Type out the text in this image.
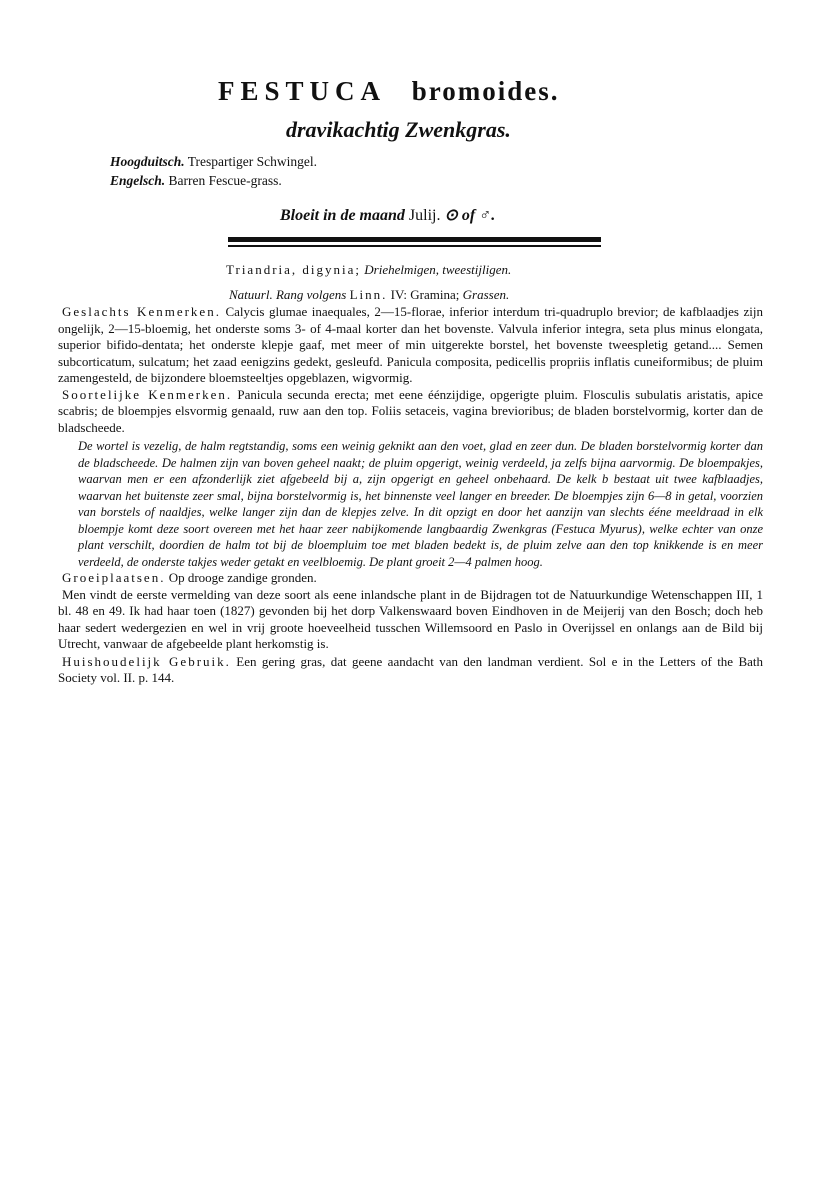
FESTUCA bromoides.
dravikachtig Zwenkgras.
Hoogduitsch. Trespartiger Schwingel.
Engelsch. Barren Fescue-grass.
Bloeit in de maand Julij. ⊙ of ♂.
Triandria, digynia; Driehelmigen, tweestijligen.
Natuurl. Rang volgens Linn. IV: Gramina; Grassen.

Geslachts Kenmerken. Calycis glumae inaequales, 2—15-florae, inferior interdum tri-quadruplo brevior; de kafblaadjes zijn ongelijk, 2—15-bloemig, het onderste soms 3- of 4-maal korter dan het bovenste. Valvula inferior integra, seta plus minus elongata, superior bifido-dentata; het onderste klepje gaaf, met meer of min uitgerekte borstel, het bovenste tweespletig getand.... Semen subcorticatum, sulcatum; het zaad eenigzins gedekt, gesleufd. Panicula composita, pedicellis propriis inflatis cuneiformibus; de pluim zamengesteld, de bijzondere bloemsteeltjes opgeblazen, wigvormig.

Soortelijke Kenmerken. Panicula secunda erecta; met eene éénzijdige, opgerigte pluim. Flosculis subulatis aristatis, apice scabris; de bloempjes elsvormig genaald, ruw aan den top. Foliis setaceis, vagina brevioribus; de bladen borstelvormig, korter dan de bladscheede.

De wortel is vezelig, de halm regtstandig, soms een weinig geknikt aan den voet, glad en zeer dun. De bladen borstelvormig korter dan de bladscheede. De halmen zijn van boven geheel naakt; de pluim opgerigt, weinig verdeeld, ja zelfs bijna aarvormig. De bloempakjes, waarvan men er een afzonderlijk ziet afgebeeld bij a, zijn opgerigt en geheel onbehaard. De kelk b bestaat uit twee kafblaadjes, waarvan het buitenste zeer smal, bijna borstelvormig is, het binnenste veel langer en breeder. De bloempjes zijn 6—8 in getal, voorzien van borstels of naaldjes, welke langer zijn dan de klepjes zelve. In dit opzigt en door het aanzijn van slechts ééne meeldraad in elk bloempje komt deze soort overeen met het haar zeer nabijkomende langbaardig Zwenkgras (Festuca Myurus), welke echter van onze plant verschilt, doordien de halm tot bij de bloempluim toe met bladen bedekt is, de pluim zelve aan den top knikkende is en meer verdeeld, de onderste takjes weder getakt en veelbloemig. De plant groeit 2—4 palmen hoog.

Groeiplaatsen. Op drooge zandige gronden.

Men vindt de eerste vermelding van deze soort als eene inlandsche plant in de Bijdragen tot de Natuurkundige Wetenschappen III, 1 bl. 48 en 49. Ik had haar toen (1827) gevonden bij het dorp Valkenswaard boven Eindhoven in de Meijerij van den Bosch; doch heb haar sedert wedergezien en wel in vrij groote hoeveelheid tusschen Willemsoord en Paslo in Overijssel en onlangs aan de Bild bij Utrecht, vanwaar de afgebeelde plant herkomstig is.

Huishoudelijk Gebruik. Een gering gras, dat geene aandacht van den landman verdient. Sol e in the Letters of the Bath Society vol. II. p. 144.
